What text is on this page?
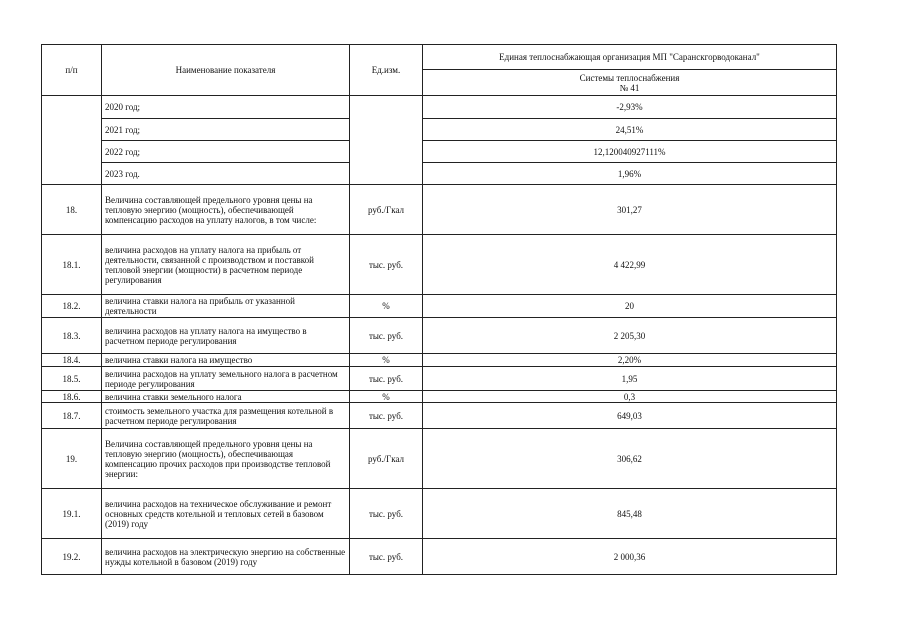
п/п	Наименование показателя	Ед.изм.	Единая теплоснабжающая организация МП "Саранскгорводоканал"

			Системы теплоснабжения
№ 41

	2020 год;		-2,93%
	2021 год;		24,51%
	2022 год;		12,120040927111%
	2023 год.		1,96%
18.	Величина составляющей предельного уровня цены на тепловую энергию (мощность), обеспечивающей компенсацию расходов на уплату налогов, в том числе:	руб./Гкал	301,27
18.1.	величина расходов на уплату налога на прибыль от деятельности, связанной с производством и поставкой тепловой энергии (мощности) в расчетном периоде регулирования	тыс. руб.	4 422,99
18.2.	величина ставки налога на прибыль от указанной деятельности	%	20
18.3.	величина расходов на уплату налога на имущество в расчетном периоде регулирования	тыс. руб.	2 205,30
18.4.	величина ставки налога на имущество	%	2,20%
18.5.	величина расходов на уплату земельного налога в расчетном периоде регулирования	тыс. руб.	1,95
18.6.	величина ставки земельного налога	%	0,3
18.7.	стоимость земельного участка для размещения котельной в расчетном периоде регулирования	тыс. руб.	649,03
19.	Величина составляющей предельного уровня цены на тепловую энергию (мощность), обеспечивающая компенсацию прочих расходов при производстве тепловой энергии:	руб./Гкал	306,62
19.1.	величина расходов на техническое обслуживание и ремонт основных средств котельной и тепловых сетей в базовом (2019) году	тыс. руб.	845,48
19.2.	величина расходов на электрическую энергию на собственные нужды котельной в базовом (2019) году	тыс. руб.	2 000,36
